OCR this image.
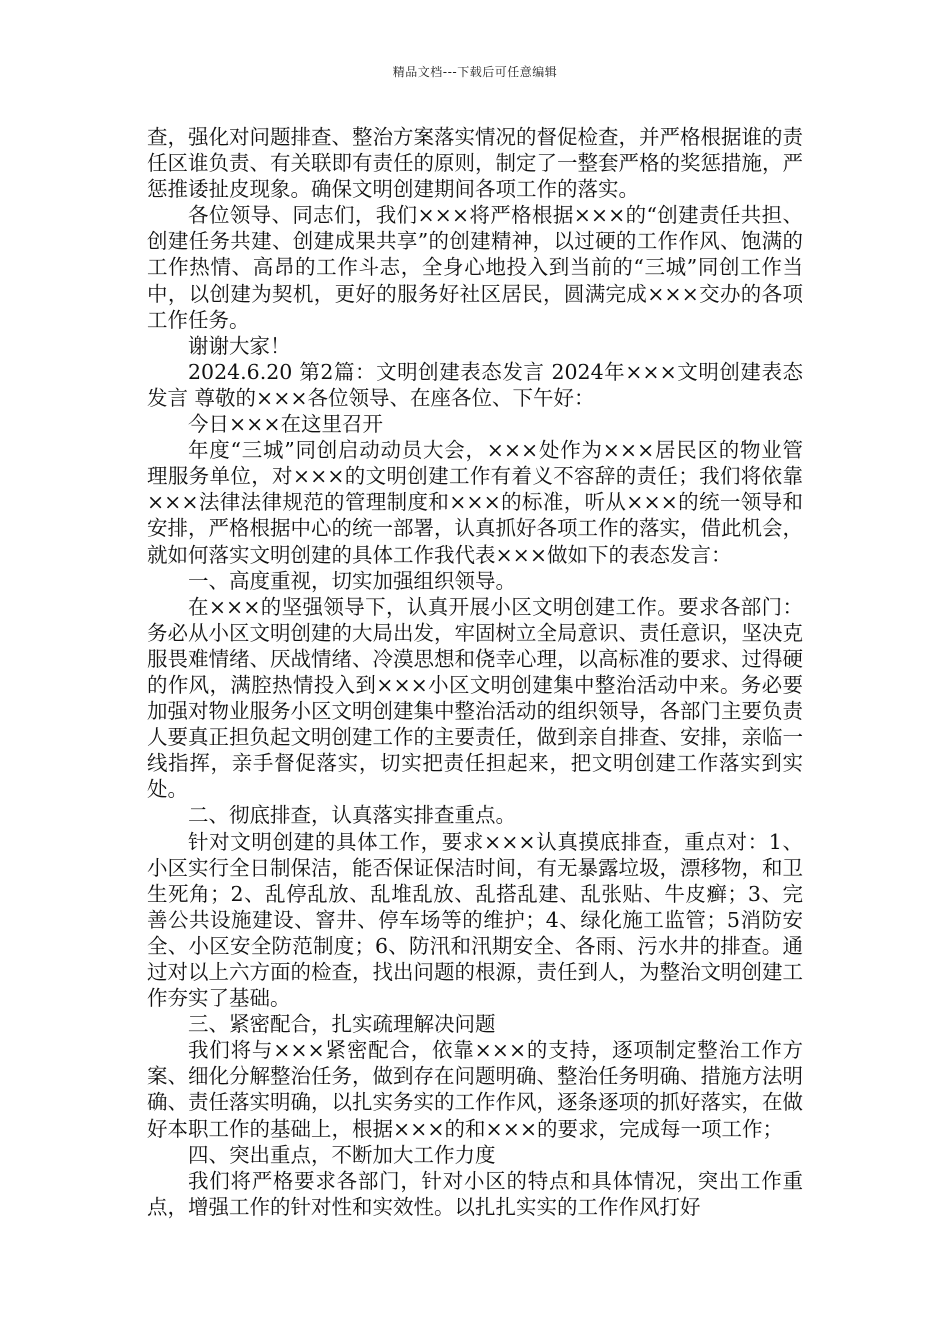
精品文档---下载后可任意编辑

查，强化对问题排查、整治方案落实情况的督促检查，并严格根据谁的责任区谁负责、有关联即有责任的原则，制定了一整套严格的奖惩措施，严惩推诿扯皮现象。确保文明创建期间各项工作的落实。

各位领导、同志们，我们×××将严格根据×××的“创建责任共担、创建任务共建、创建成果共享”的创建精神，以过硬的工作作风、饱满的工作热情、高昂的工作斗志，全身心地投入到当前的“三城”同创工作当中，以创建为契机，更好的服务好社区居民，圆满完成×××交办的各项工作任务。

谢谢大家！

2024.6.20 第2篇：文明创建表态发言 2024年×××文明创建表态发言 尊敬的×××各位领导、在座各位、下午好：

今日×××在这里召开

年度“三城”同创启动动员大会，×××处作为×××居民区的物业管理服务单位，对×××的文明创建工作有着义不容辞的责任；我们将依靠×××法律法律规范的管理制度和×××的标准，听从×××的统一领导和安排，严格根据中心的统一部署，认真抓好各项工作的落实，借此机会，就如何落实文明创建的具体工作我代表×××做如下的表态发言：

一、高度重视，切实加强组织领导。

在×××的坚强领导下，认真开展小区文明创建工作。要求各部门：务必从小区文明创建的大局出发，牢固树立全局意识、责任意识，坚决克服畏难情绪、厌战情绪、冷漠思想和侥幸心理，以高标准的要求、过得硬的作风，满腔热情投入到×××小区文明创建集中整治活动中来。务必要加强对物业服务小区文明创建集中整治活动的组织领导，各部门主要负责人要真正担负起文明创建工作的主要责任，做到亲自排查、安排，亲临一线指挥，亲手督促落实，切实把责任担起来，把文明创建工作落实到实处。

二、彻底排查，认真落实排查重点。

针对文明创建的具体工作，要求×××认真摸底排查，重点对：1、小区实行全日制保洁，能否保证保洁时间，有无暴露垃圾，漂移物，和卫生死角；2、乱停乱放、乱堆乱放、乱搭乱建、乱张贴、牛皮癣；3、完善公共设施建设、窨井、停车场等的维护；4、绿化施工监管；5消防安全、小区安全防范制度；6、防汛和汛期安全、各雨、污水井的排查。通过对以上六方面的检查，找出问题的根源，责任到人，为整治文明创建工作夯实了基础。

三、紧密配合，扎实疏理解决问题

我们将与×××紧密配合，依靠×××的支持，逐项制定整治工作方案、细化分解整治任务，做到存在问题明确、整治任务明确、措施方法明确、责任落实明确，以扎实务实的工作作风，逐条逐项的抓好落实，在做好本职工作的基础上，根据×××的和×××的要求，完成每一项工作；

四、突出重点，不断加大工作力度

我们将严格要求各部门，针对小区的特点和具体情况，突出工作重点，增强工作的针对性和实效性。以扎扎实实的工作作风打好
